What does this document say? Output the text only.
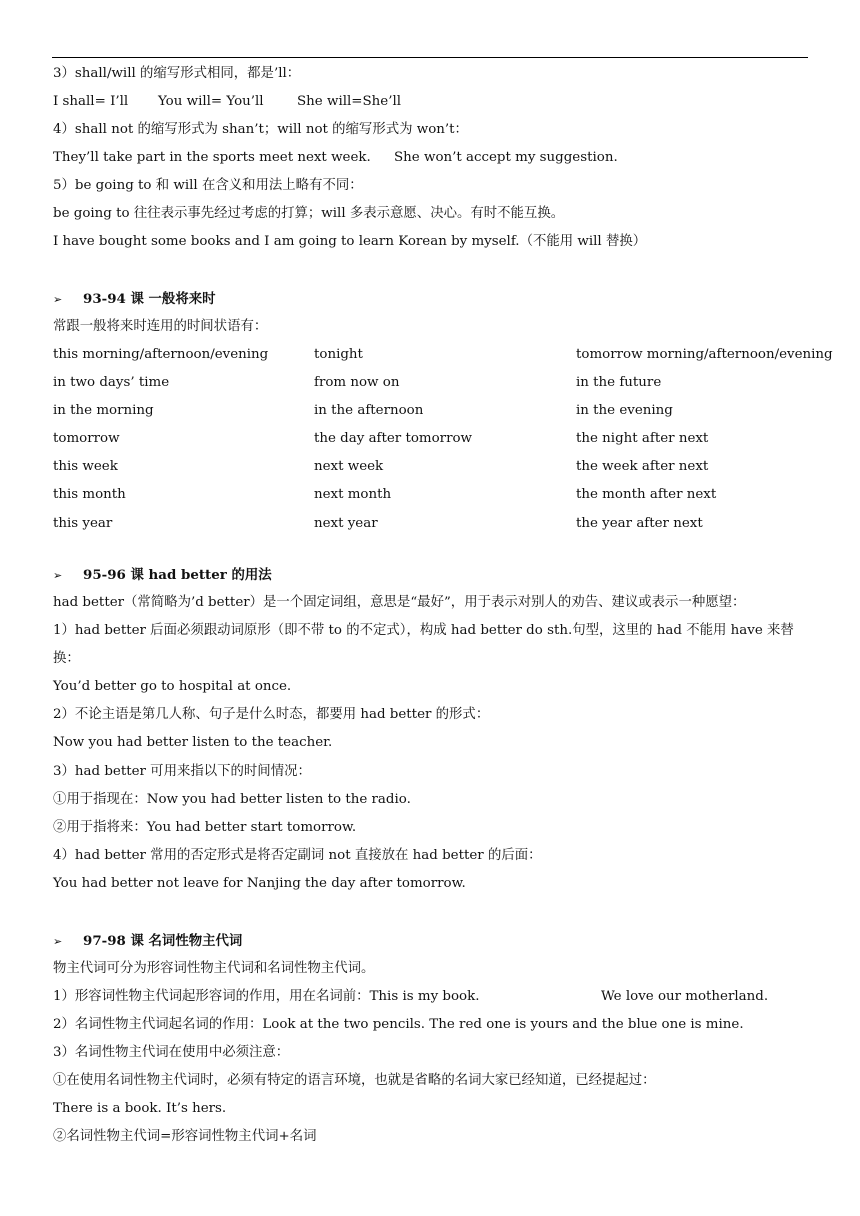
3）shall/will 的缩写形式相同，都是’ll：
I shall= I’ll You will= You’ll She will=She’ll
4）shall not 的缩写形式为 shan’t；will not 的缩写形式为 won’t：
They’ll take part in the sports meet next week. She won’t accept my suggestion.
5）be going to 和 will 在含义和用法上略有不同：
be going to 往往表示事先经过考虑的打算；will 多表示意愿、决心。有时不能互换。
I have bought some books and I am going to learn Korean by myself.（不能用 will 替换）
➢ 93-94 课 一般将来时
常跟一般将来时连用的时间状语有：
this morning/afternoon/evening	tonight	tomorrow morning/afternoon/evening
in two days’ time	from now on	in the future
in the morning	in the afternoon	in the evening
tomorrow	the day after tomorrow	the night after next
this week	next week	the week after next
this month	next month	the month after next
this year	next year	the year after next
➢ 95-96 课 had better 的用法
had better（常简略为’d better）是一个固定词组，意思是“最好”，用于表示对别人的劝告、建议或表示一种愿望：
1）had better 后面必须跟动词原形（即不带 to 的不定式），构成 had better do sth.句型，这里的 had 不能用 have 来替
换：
You’d better go to hospital at once.
2）不论主语是第几人称、句子是什么时态，都要用 had better 的形式：
Now you had better listen to the teacher.
3）had better 可用来指以下的时间情况：
①用于指现在：Now you had better listen to the radio.
②用于指将来：You had better start tomorrow.
4）had better 常用的否定形式是将否定副词 not 直接放在 had better 的后面：
You had better not leave for Nanjing the day after tomorrow.
➢ 97-98 课 名词性物主代词
物主代词可分为形容词性物主代词和名词性物主代词。
1）形容词性物主代词起形容词的作用，用在名词前：This is my book.	We love our motherland.
2）名词性物主代词起名词的作用：Look at the two pencils. The red one is yours and the blue one is mine.
3）名词性物主代词在使用中必须注意：
①在使用名词性物主代词时，必须有特定的语言环境，也就是省略的名词大家已经知道，已经提起过：
There is a book. It’s hers.
②名词性物主代词=形容词性物主代词+名词
